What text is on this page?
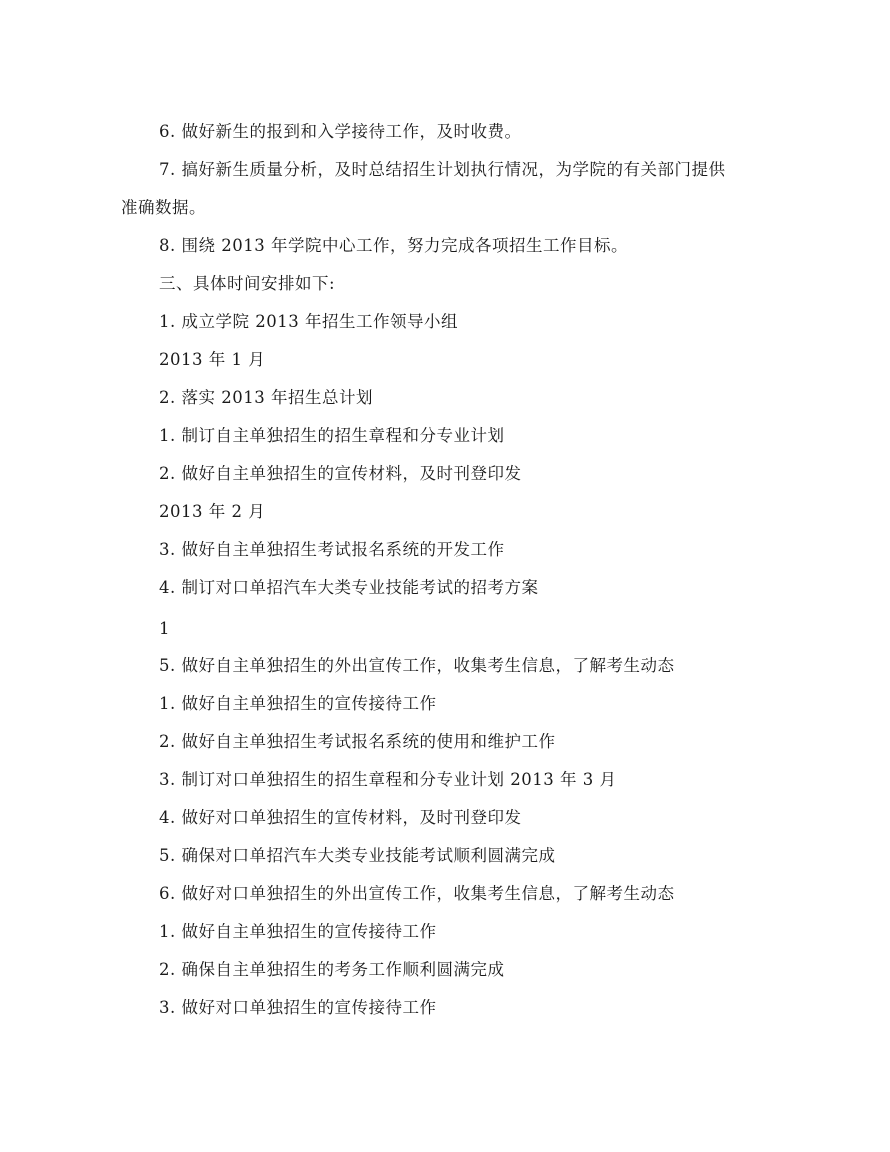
6. 做好新生的报到和入学接待工作，及时收费。
7. 搞好新生质量分析，及时总结招生计划执行情况，为学院的有关部门提供
准确数据。
8. 围绕 2013 年学院中心工作，努力完成各项招生工作目标。
三、具体时间安排如下:
1. 成立学院 2013 年招生工作领导小组
2013 年 1 月
2. 落实 2013 年招生总计划
1. 制订自主单独招生的招生章程和分专业计划
2. 做好自主单独招生的宣传材料，及时刊登印发
2013 年 2 月
3. 做好自主单独招生考试报名系统的开发工作
4. 制订对口单招汽车大类专业技能考试的招考方案
1
5. 做好自主单独招生的外出宣传工作，收集考生信息，了解考生动态
1. 做好自主单独招生的宣传接待工作
2. 做好自主单独招生考试报名系统的使用和维护工作
3. 制订对口单独招生的招生章程和分专业计划 2013 年 3 月
4. 做好对口单独招生的宣传材料，及时刊登印发
5. 确保对口单招汽车大类专业技能考试顺利圆满完成
6. 做好对口单独招生的外出宣传工作，收集考生信息，了解考生动态
1. 做好自主单独招生的宣传接待工作
2. 确保自主单独招生的考务工作顺利圆满完成
3. 做好对口单独招生的宣传接待工作
